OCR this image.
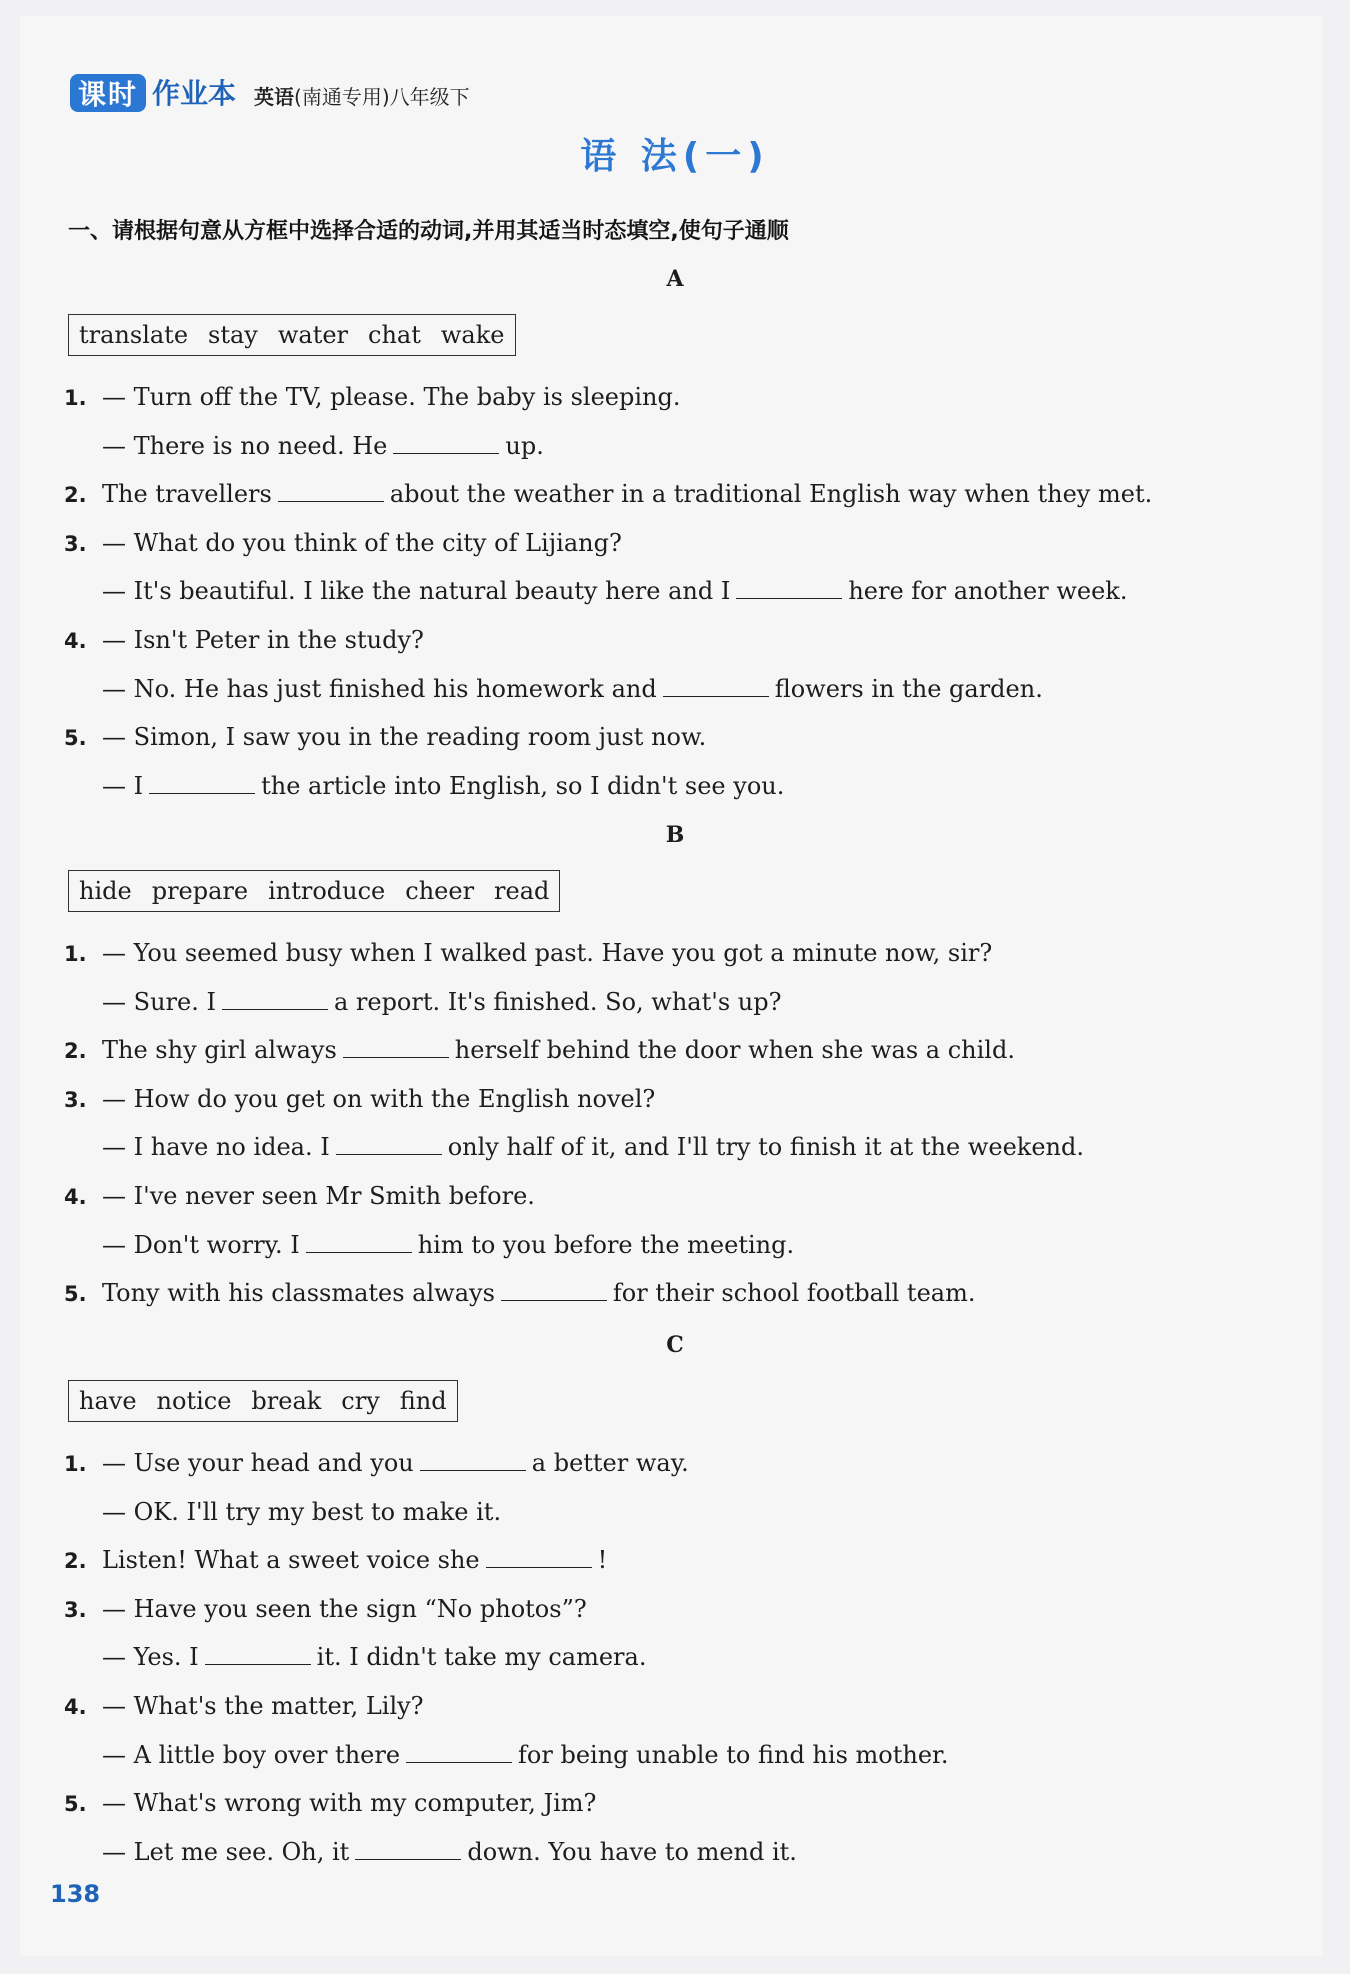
课时 作业本 英语(南通专用)八年级下
语 法(一)
一、请根据句意从方框中选择合适的动词,并用其适当时态填空,使句子通顺
A
translate stay water chat wake
1. — Turn off the TV, please. The baby is sleeping.
— There is no need. He	up.
2. The travellers	about the weather in a traditional English way when they met.
3. — What do you think of the city of Lijiang?
— It's beautiful. I like the natural beauty here and I	here for another week.
4. — Isn't Peter in the study?
— No. He has just finished his homework and	flowers in the garden.
5. — Simon, I saw you in the reading room just now.
— I	the article into English, so I didn't see you.
B
hide prepare introduce cheer read
1. — You seemed busy when I walked past. Have you got a minute now, sir?
— Sure. I	a report. It's finished. So, what's up?
2. The shy girl always	herself behind the door when she was a child.
3. — How do you get on with the English novel?
— I have no idea. I	only half of it, and I'll try to finish it at the weekend.
4. — I've never seen Mr Smith before.
— Don't worry. I	him to you before the meeting.
5. Tony with his classmates always	for their school football team.
C
have notice break cry find
1. — Use your head and you	a better way.
— OK. I'll try my best to make it.
2. Listen! What a sweet voice she	!
3. — Have you seen the sign “No photos”?
— Yes. I	it. I didn't take my camera.
4. — What's the matter, Lily?
— A little boy over there	for being unable to find his mother.
5. — What's wrong with my computer, Jim?
— Let me see. Oh, it	down. You have to mend it.
138
